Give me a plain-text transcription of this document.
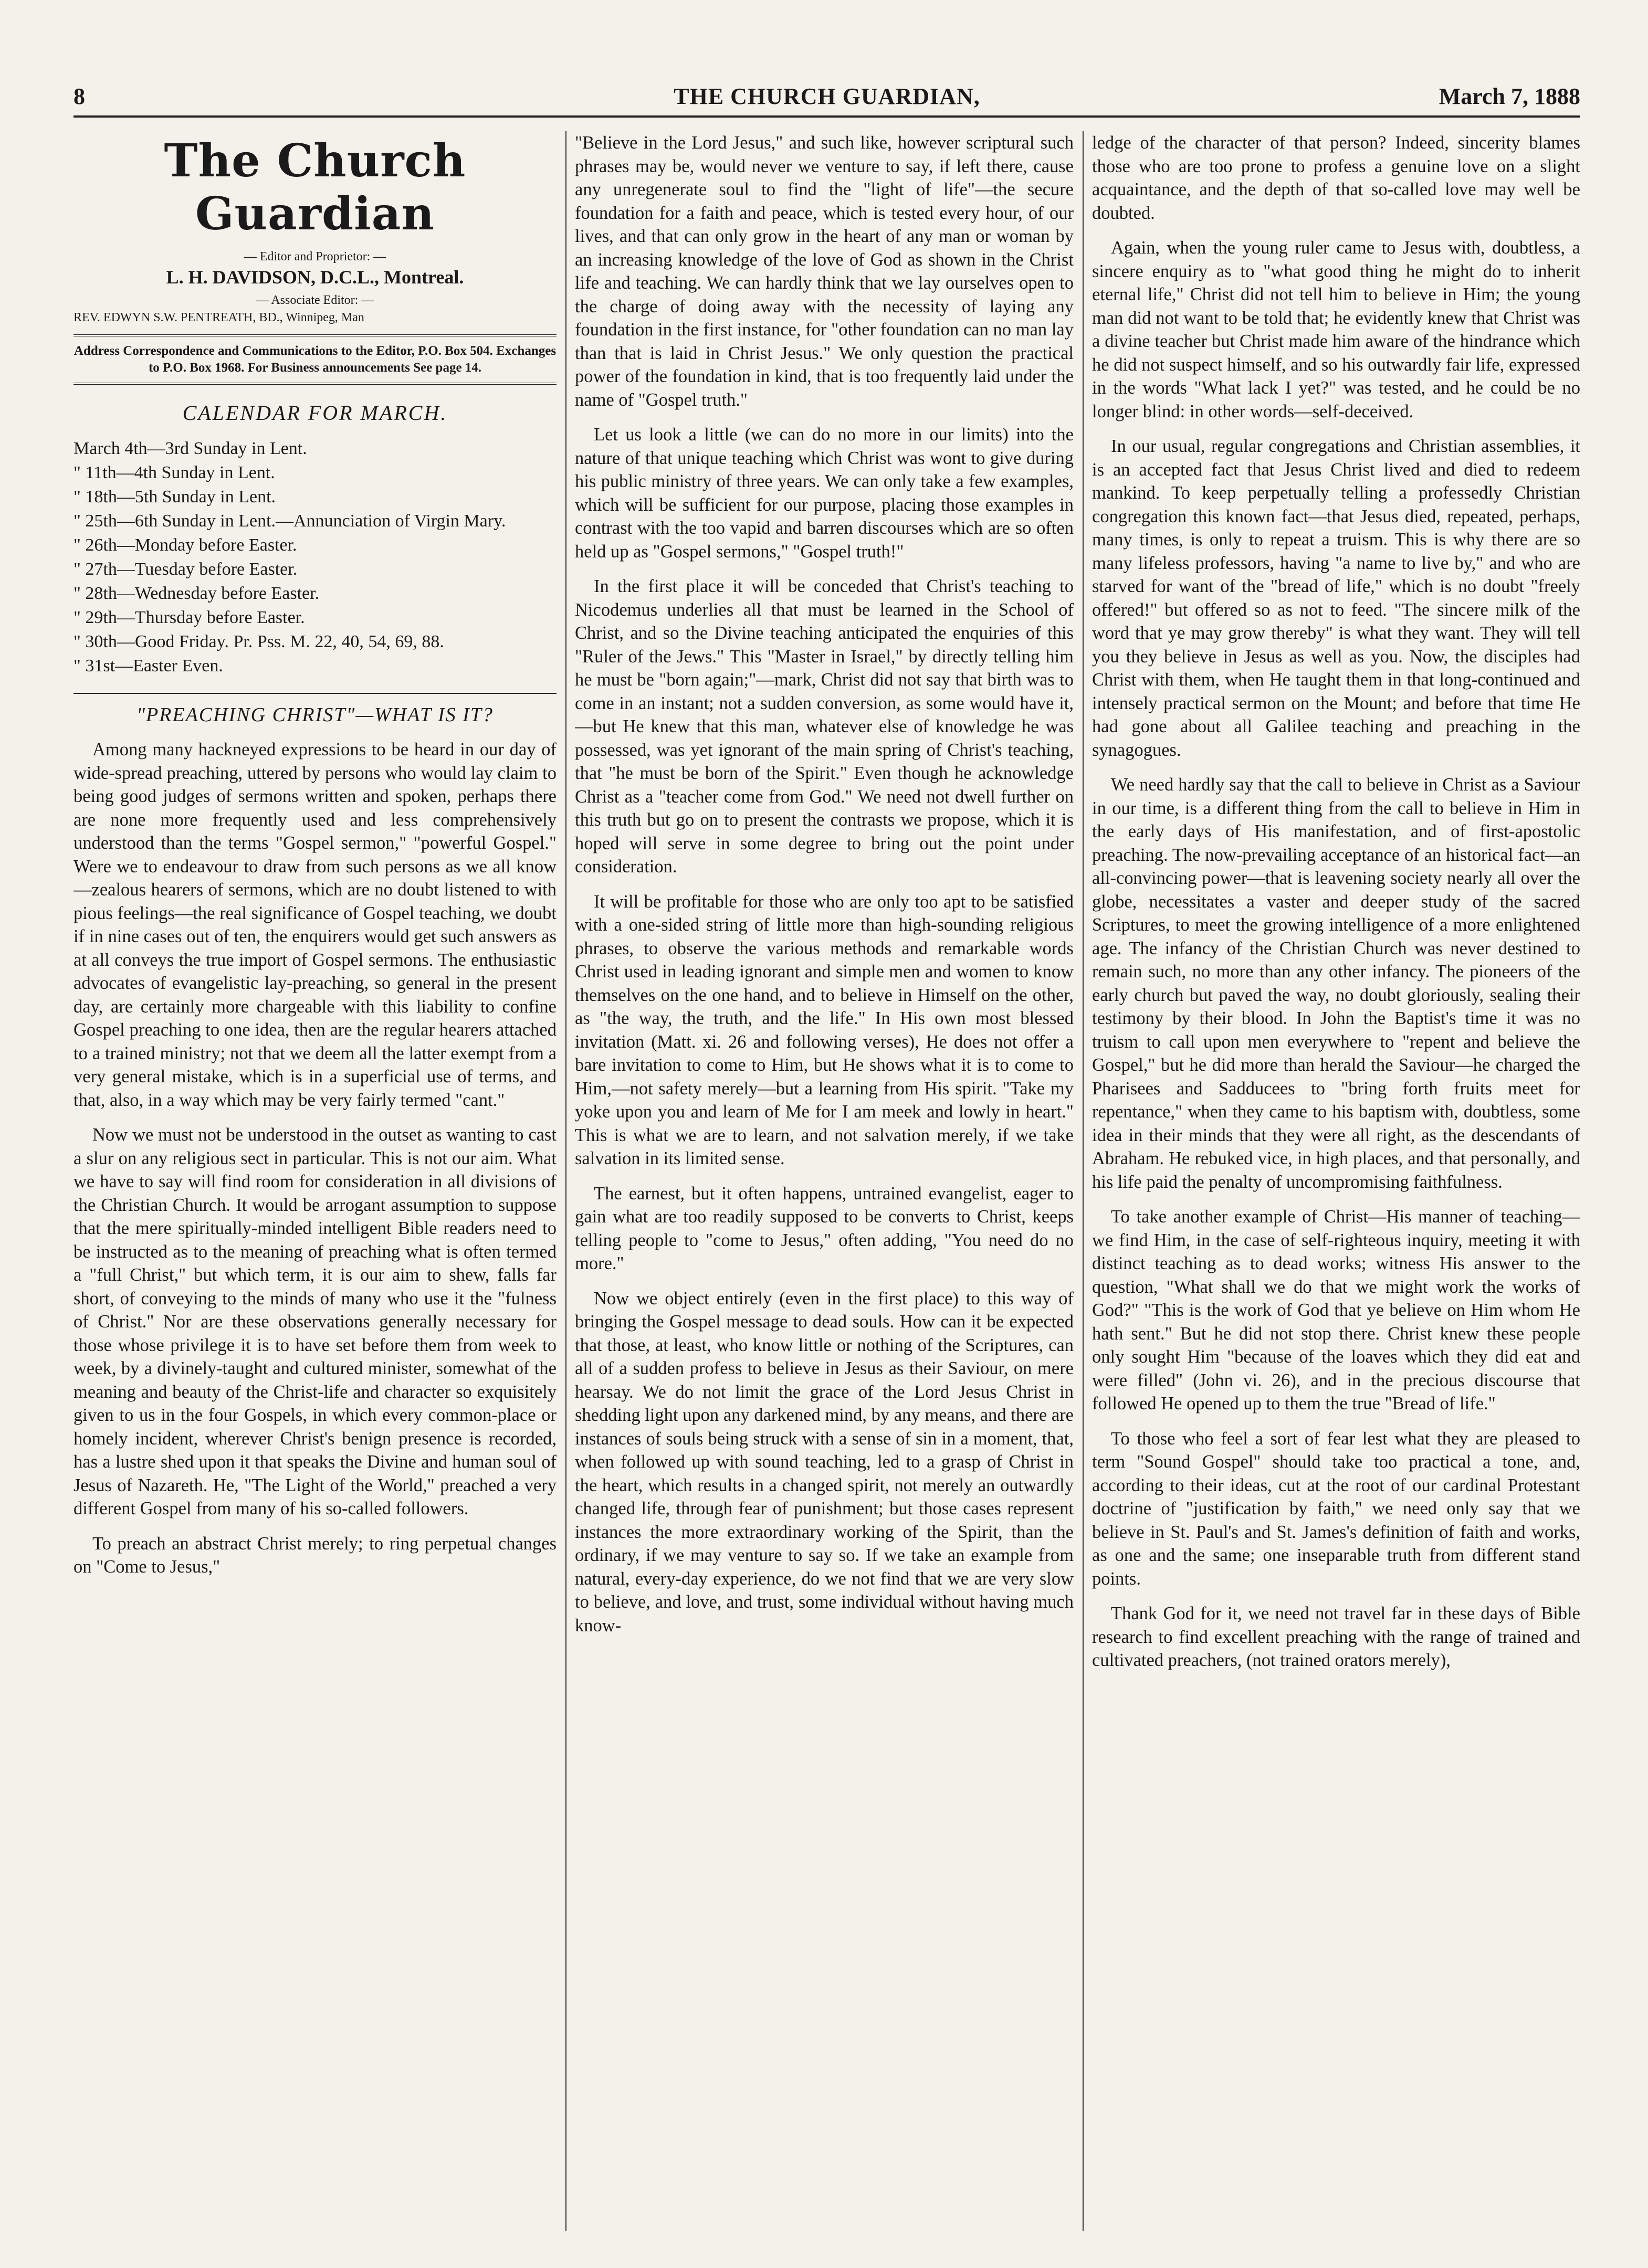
8	THE CHURCH GUARDIAN,	March 7, 1888
The Church Guardian
— Editor and Proprietor: —
L. H. DAVIDSON, D.C.L., Montreal.
— Associate Editor: —
REV. EDWYN S.W. PENTREATH, BD., Winnipeg, Man
Address Correspondence and Communications to the Editor, P.O. Box 504. Exchanges to P.O. Box 1968. For Business announcements See page 14.
CALENDAR FOR MARCH.
March 4th—3rd Sunday in Lent.
" 11th—4th Sunday in Lent.
" 18th—5th Sunday in Lent.
" 25th—6th Sunday in Lent.—Annunciation of Virgin Mary.
" 26th—Monday before Easter.
" 27th—Tuesday before Easter.
" 28th—Wednesday before Easter.
" 29th—Thursday before Easter.
" 30th—Good Friday. Pr. Pss. M. 22, 40, 54, 69, 88.
" 31st—Easter Even.
"PREACHING CHRIST"—WHAT IS IT?

Among many hackneyed expressions to be heard in our day of wide-spread preaching, uttered by persons who would lay claim to being good judges of sermons written and spoken, perhaps there are none more frequently used and less comprehensively understood than the terms "Gospel sermon," "powerful Gospel." Were we to endeavour to draw from such persons as we all know—zealous hearers of sermons, which are no doubt listened to with pious feelings—the real significance of Gospel teaching, we doubt if in nine cases out of ten, the enquirers would get such answers as at all conveys the true import of Gospel sermons. The enthusiastic advocates of evangelistic lay-preaching, so general in the present day, are certainly more chargeable with this liability to confine Gospel preaching to one idea, then are the regular hearers attached to a trained ministry; not that we deem all the latter exempt from a very general mistake, which is in a superficial use of terms, and that, also, in a way which may be very fairly termed "cant."

Now we must not be understood in the outset as wanting to cast a slur on any religious sect in particular. This is not our aim. What we have to say will find room for consideration in all divisions of the Christian Church. It would be arrogant assumption to suppose that the mere spiritually-minded intelligent Bible readers need to be instructed as to the meaning of preaching what is often termed a "full Christ," but which term, it is our aim to shew, falls far short, of conveying to the minds of many who use it the "fulness of Christ." Nor are these observations generally necessary for those whose privilege it is to have set before them from week to week, by a divinely-taught and cultured minister, somewhat of the meaning and beauty of the Christ-life and character so exquisitely given to us in the four Gospels, in which every common-place or homely incident, wherever Christ's benign presence is recorded, has a lustre shed upon it that speaks the Divine and human soul of Jesus of Nazareth. He, "The Light of the World," preached a very different Gospel from many of his so-called followers.

To preach an abstract Christ merely; to ring perpetual changes on "Come to Jesus,"

"Believe in the Lord Jesus," and such like, however scriptural such phrases may be, would never we venture to say, if left there, cause any unregenerate soul to find the "light of life"—the secure foundation for a faith and peace, which is tested every hour, of our lives, and that can only grow in the heart of any man or woman by an increasing knowledge of the love of God as shown in the Christ life and teaching. We can hardly think that we lay ourselves open to the charge of doing away with the necessity of laying any foundation in the first instance, for "other foundation can no man lay than that is laid in Christ Jesus." We only question the practical power of the foundation in kind, that is too frequently laid under the name of "Gospel truth."

Let us look a little (we can do no more in our limits) into the nature of that unique teaching which Christ was wont to give during his public ministry of three years. We can only take a few examples, which will be sufficient for our purpose, placing those examples in contrast with the too vapid and barren discourses which are so often held up as "Gospel sermons," "Gospel truth!"

In the first place it will be conceded that Christ's teaching to Nicodemus underlies all that must be learned in the School of Christ, and so the Divine teaching anticipated the enquiries of this "Ruler of the Jews." This "Master in Israel," by directly telling him he must be "born again;"—mark, Christ did not say that birth was to come in an instant; not a sudden conversion, as some would have it,—but He knew that this man, whatever else of knowledge he was possessed, was yet ignorant of the main spring of Christ's teaching, that "he must be born of the Spirit." Even though he acknowledge Christ as a "teacher come from God." We need not dwell further on this truth but go on to present the contrasts we propose, which it is hoped will serve in some degree to bring out the point under consideration.

It will be profitable for those who are only too apt to be satisfied with a one-sided string of little more than high-sounding religious phrases, to observe the various methods and remarkable words Christ used in leading ignorant and simple men and women to know themselves on the one hand, and to believe in Himself on the other, as "the way, the truth, and the life." In His own most blessed invitation (Matt. xi. 26 and following verses), He does not offer a bare invitation to come to Him, but He shows what it is to come to Him,—not safety merely—but a learning from His spirit. "Take my yoke upon you and learn of Me for I am meek and lowly in heart." This is what we are to learn, and not salvation merely, if we take salvation in its limited sense.

The earnest, but it often happens, untrained evangelist, eager to gain what are too readily supposed to be converts to Christ, keeps telling people to "come to Jesus," often adding, "You need do no more."

Now we object entirely (even in the first place) to this way of bringing the Gospel message to dead souls. How can it be expected that those, at least, who know little or nothing of the Scriptures, can all of a sudden profess to believe in Jesus as their Saviour, on mere hearsay. We do not limit the grace of the Lord Jesus Christ in shedding light upon any darkened mind, by any means, and there are instances of souls being struck with a sense of sin in a moment, that, when followed up with sound teaching, led to a grasp of Christ in the heart, which results in a changed spirit, not merely an outwardly changed life, through fear of punishment; but those cases represent instances the more extraordinary working of the Spirit, than the ordinary, if we may venture to say so. If we take an example from natural, every-day experience, do we not find that we are very slow to believe, and love, and trust, some individual without having much know-

ledge of the character of that person? Indeed, sincerity blames those who are too prone to profess a genuine love on a slight acquaintance, and the depth of that so-called love may well be doubted.

Again, when the young ruler came to Jesus with, doubtless, a sincere enquiry as to "what good thing he might do to inherit eternal life," Christ did not tell him to believe in Him; the young man did not want to be told that; he evidently knew that Christ was a divine teacher but Christ made him aware of the hindrance which he did not suspect himself, and so his outwardly fair life, expressed in the words "What lack I yet?" was tested, and he could be no longer blind: in other words—self-deceived.

In our usual, regular congregations and Christian assemblies, it is an accepted fact that Jesus Christ lived and died to redeem mankind. To keep perpetually telling a professedly Christian congregation this known fact—that Jesus died, repeated, perhaps, many times, is only to repeat a truism. This is why there are so many lifeless professors, having "a name to live by," and who are starved for want of the "bread of life," which is no doubt "freely offered!" but offered so as not to feed. "The sincere milk of the word that ye may grow thereby" is what they want. They will tell you they believe in Jesus as well as you. Now, the disciples had Christ with them, when He taught them in that long-continued and intensely practical sermon on the Mount; and before that time He had gone about all Galilee teaching and preaching in the synagogues.

We need hardly say that the call to believe in Christ as a Saviour in our time, is a different thing from the call to believe in Him in the early days of His manifestation, and of first-apostolic preaching. The now-prevailing acceptance of an historical fact—an all-convincing power—that is leavening society nearly all over the globe, necessitates a vaster and deeper study of the sacred Scriptures, to meet the growing intelligence of a more enlightened age. The infancy of the Christian Church was never destined to remain such, no more than any other infancy. The pioneers of the early church but paved the way, no doubt gloriously, sealing their testimony by their blood. In John the Baptist's time it was no truism to call upon men everywhere to "repent and believe the Gospel," but he did more than herald the Saviour—he charged the Pharisees and Sadducees to "bring forth fruits meet for repentance," when they came to his baptism with, doubtless, some idea in their minds that they were all right, as the descendants of Abraham. He rebuked vice, in high places, and that personally, and his life paid the penalty of uncompromising faithfulness.

To take another example of Christ—His manner of teaching—we find Him, in the case of self-righteous inquiry, meeting it with distinct teaching as to dead works; witness His answer to the question, "What shall we do that we might work the works of God?" "This is the work of God that ye believe on Him whom He hath sent." But he did not stop there. Christ knew these people only sought Him "because of the loaves which they did eat and were filled" (John vi. 26), and in the precious discourse that followed He opened up to them the true "Bread of life."

To those who feel a sort of fear lest what they are pleased to term "Sound Gospel" should take too practical a tone, and, according to their ideas, cut at the root of our cardinal Protestant doctrine of "justification by faith," we need only say that we believe in St. Paul's and St. James's definition of faith and works, as one and the same; one inseparable truth from different stand points.

Thank God for it, we need not travel far in these days of Bible research to find excellent preaching with the range of trained and cultivated preachers, (not trained orators merely),
